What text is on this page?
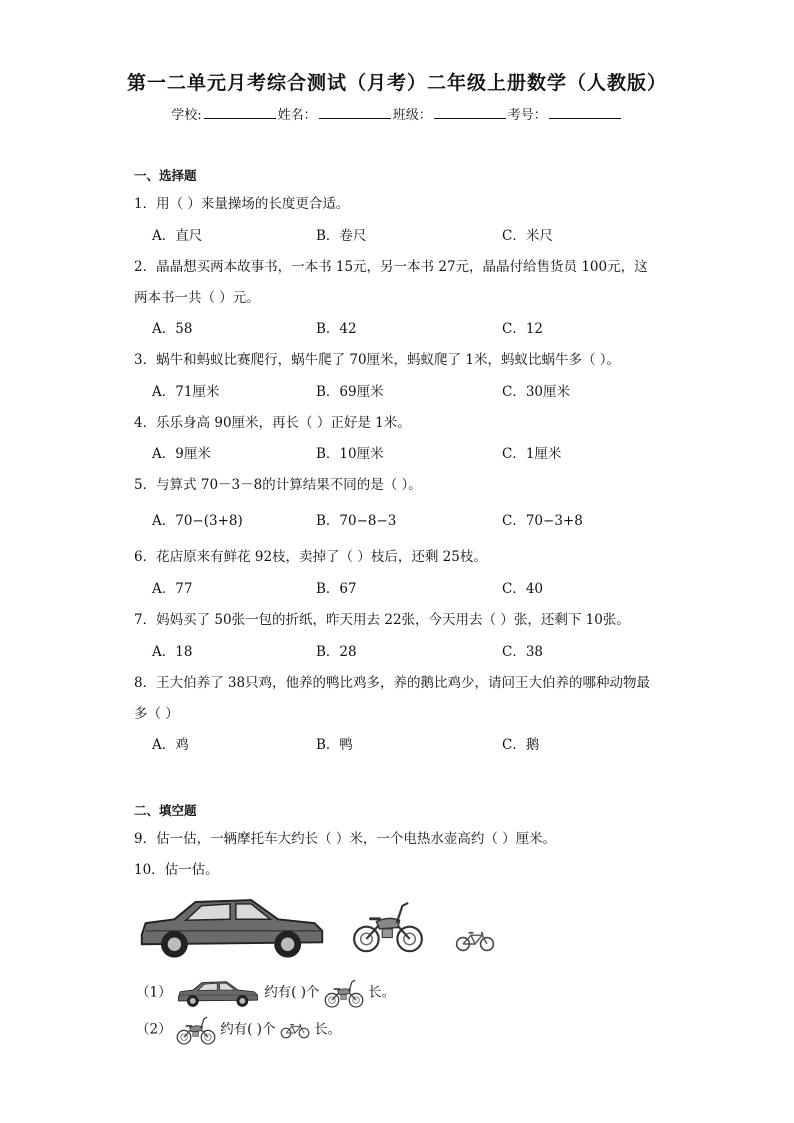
第一二单元月考综合测试（月考）二年级上册数学（人教版）
学校:	姓名：	班级：	考号：
一、选择题
1．用（ ）来量操场的长度更合适。
A．直尺	B．卷尺	C．米尺
2．晶晶想买两本故事书，一本书 15元，另一本书 27元，晶晶付给售货员 100元，这
两本书一共（ ）元。
A．58	B．42	C．12
3．蜗牛和蚂蚁比赛爬行，蜗牛爬了 70厘米，蚂蚁爬了 1米，蚂蚁比蜗牛多（ ）。
A．71厘米	B．69厘米	C．30厘米
4．乐乐身高 90厘米，再长（ ）正好是 1米。
A．9厘米	B．10厘米	C．1厘米
5．与算式 70－3－8的计算结果不同的是（ ）。
A．70−(3+8)	B．70−8−3	C．70−3+8
6．花店原来有鲜花 92枝，卖掉了（ ）枝后，还剩 25枝。
A．77	B．67	C．40
7．妈妈买了 50张一包的折纸，昨天用去 22张，今天用去（ ）张，还剩下 10张。
A．18	B．28	C．38
8．王大伯养了 38只鸡，他养的鸭比鸡多，养的鹅比鸡少，请问王大伯养的哪种动物最
多（ ）
A．鸡	B．鸭	C．鹅
二、填空题
9．估一估，一辆摩托车大约长（ ）米，一个电热水壶高约（ ）厘米。
10．估一估。
（1）	约有( )个	长。
（2）	约有( )个	长。
